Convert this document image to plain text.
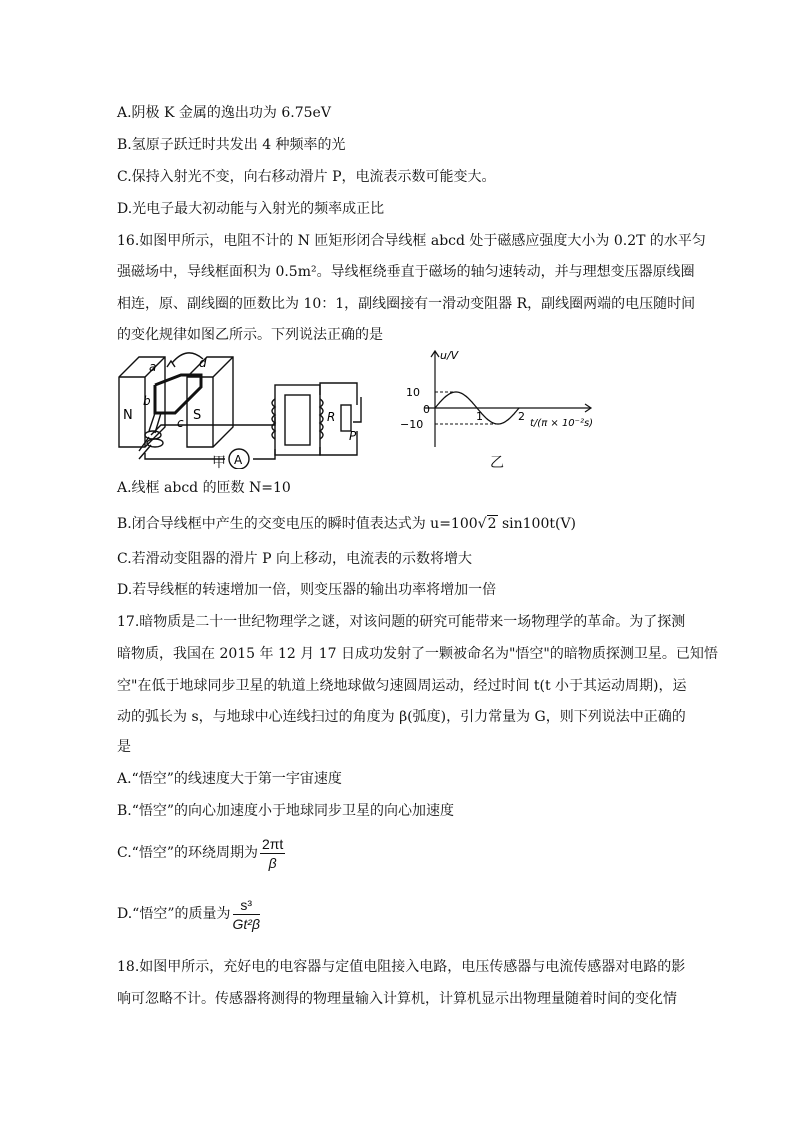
A.阴极 K 金属的逸出功为 6.75eV
B.氢原子跃迁时共发出 4 种频率的光
C.保持入射光不变，向右移动滑片 P，电流表示数可能变大。
D.光电子最大初动能与入射光的频率成正比
16.如图甲所示，电阻不计的 N 匝矩形闭合导线框 abcd 处于磁感应强度大小为 0.2T 的水平匀
强磁场中，导线框面积为 0.5m²。导线框绕垂直于磁场的轴匀速转动，并与理想变压器原线圈
相连，原、副线圈的匝数比为 10：1，副线圈接有一滑动变阻器 R，副线圈两端的电压随时间
的变化规律如图乙所示。下列说法正确的是
A
N	S
a
b
c
d
R
P
甲
u/V
t/(π × 10⁻²s)
10
0
−10
1	2
乙
A.线框 abcd 的匝数 N=10
B.闭合导线框中产生的交变电压的瞬时值表达式为 u=100√2 sin100t(V)
C.若滑动变阻器的滑片 P 向上移动，电流表的示数将增大
D.若导线框的转速增加一倍，则变压器的输出功率将增加一倍
17.暗物质是二十一世纪物理学之谜，对该问题的研究可能带来一场物理学的革命。为了探测
暗物质，我国在 2015 年 12 月 17 日成功发射了一颗被命名为"悟空"的暗物质探测卫星。已知悟
空"在低于地球同步卫星的轨道上绕地球做匀速圆周运动，经过时间 t(t 小于其运动周期)，运
动的弧长为 s，与地球中心连线扫过的角度为 β(弧度)，引力常量为 G，则下列说法中正确的
是
A.“悟空”的线速度大于第一宇宙速度
B.“悟空”的向心加速度小于地球同步卫星的向心加速度
C.“悟空”的环绕周期为 $\frac{2\pi t}{\beta}$
D.“悟空”的质量为 $\frac{\text{s³}}{\text{Gt²β}}$
18.如图甲所示，充好电的电容器与定值电阻接入电路，电压传感器与电流传感器对电路的影
响可忽略不计。传感器将测得的物理量输入计算机，计算机显示出物理量随着时间的变化情
